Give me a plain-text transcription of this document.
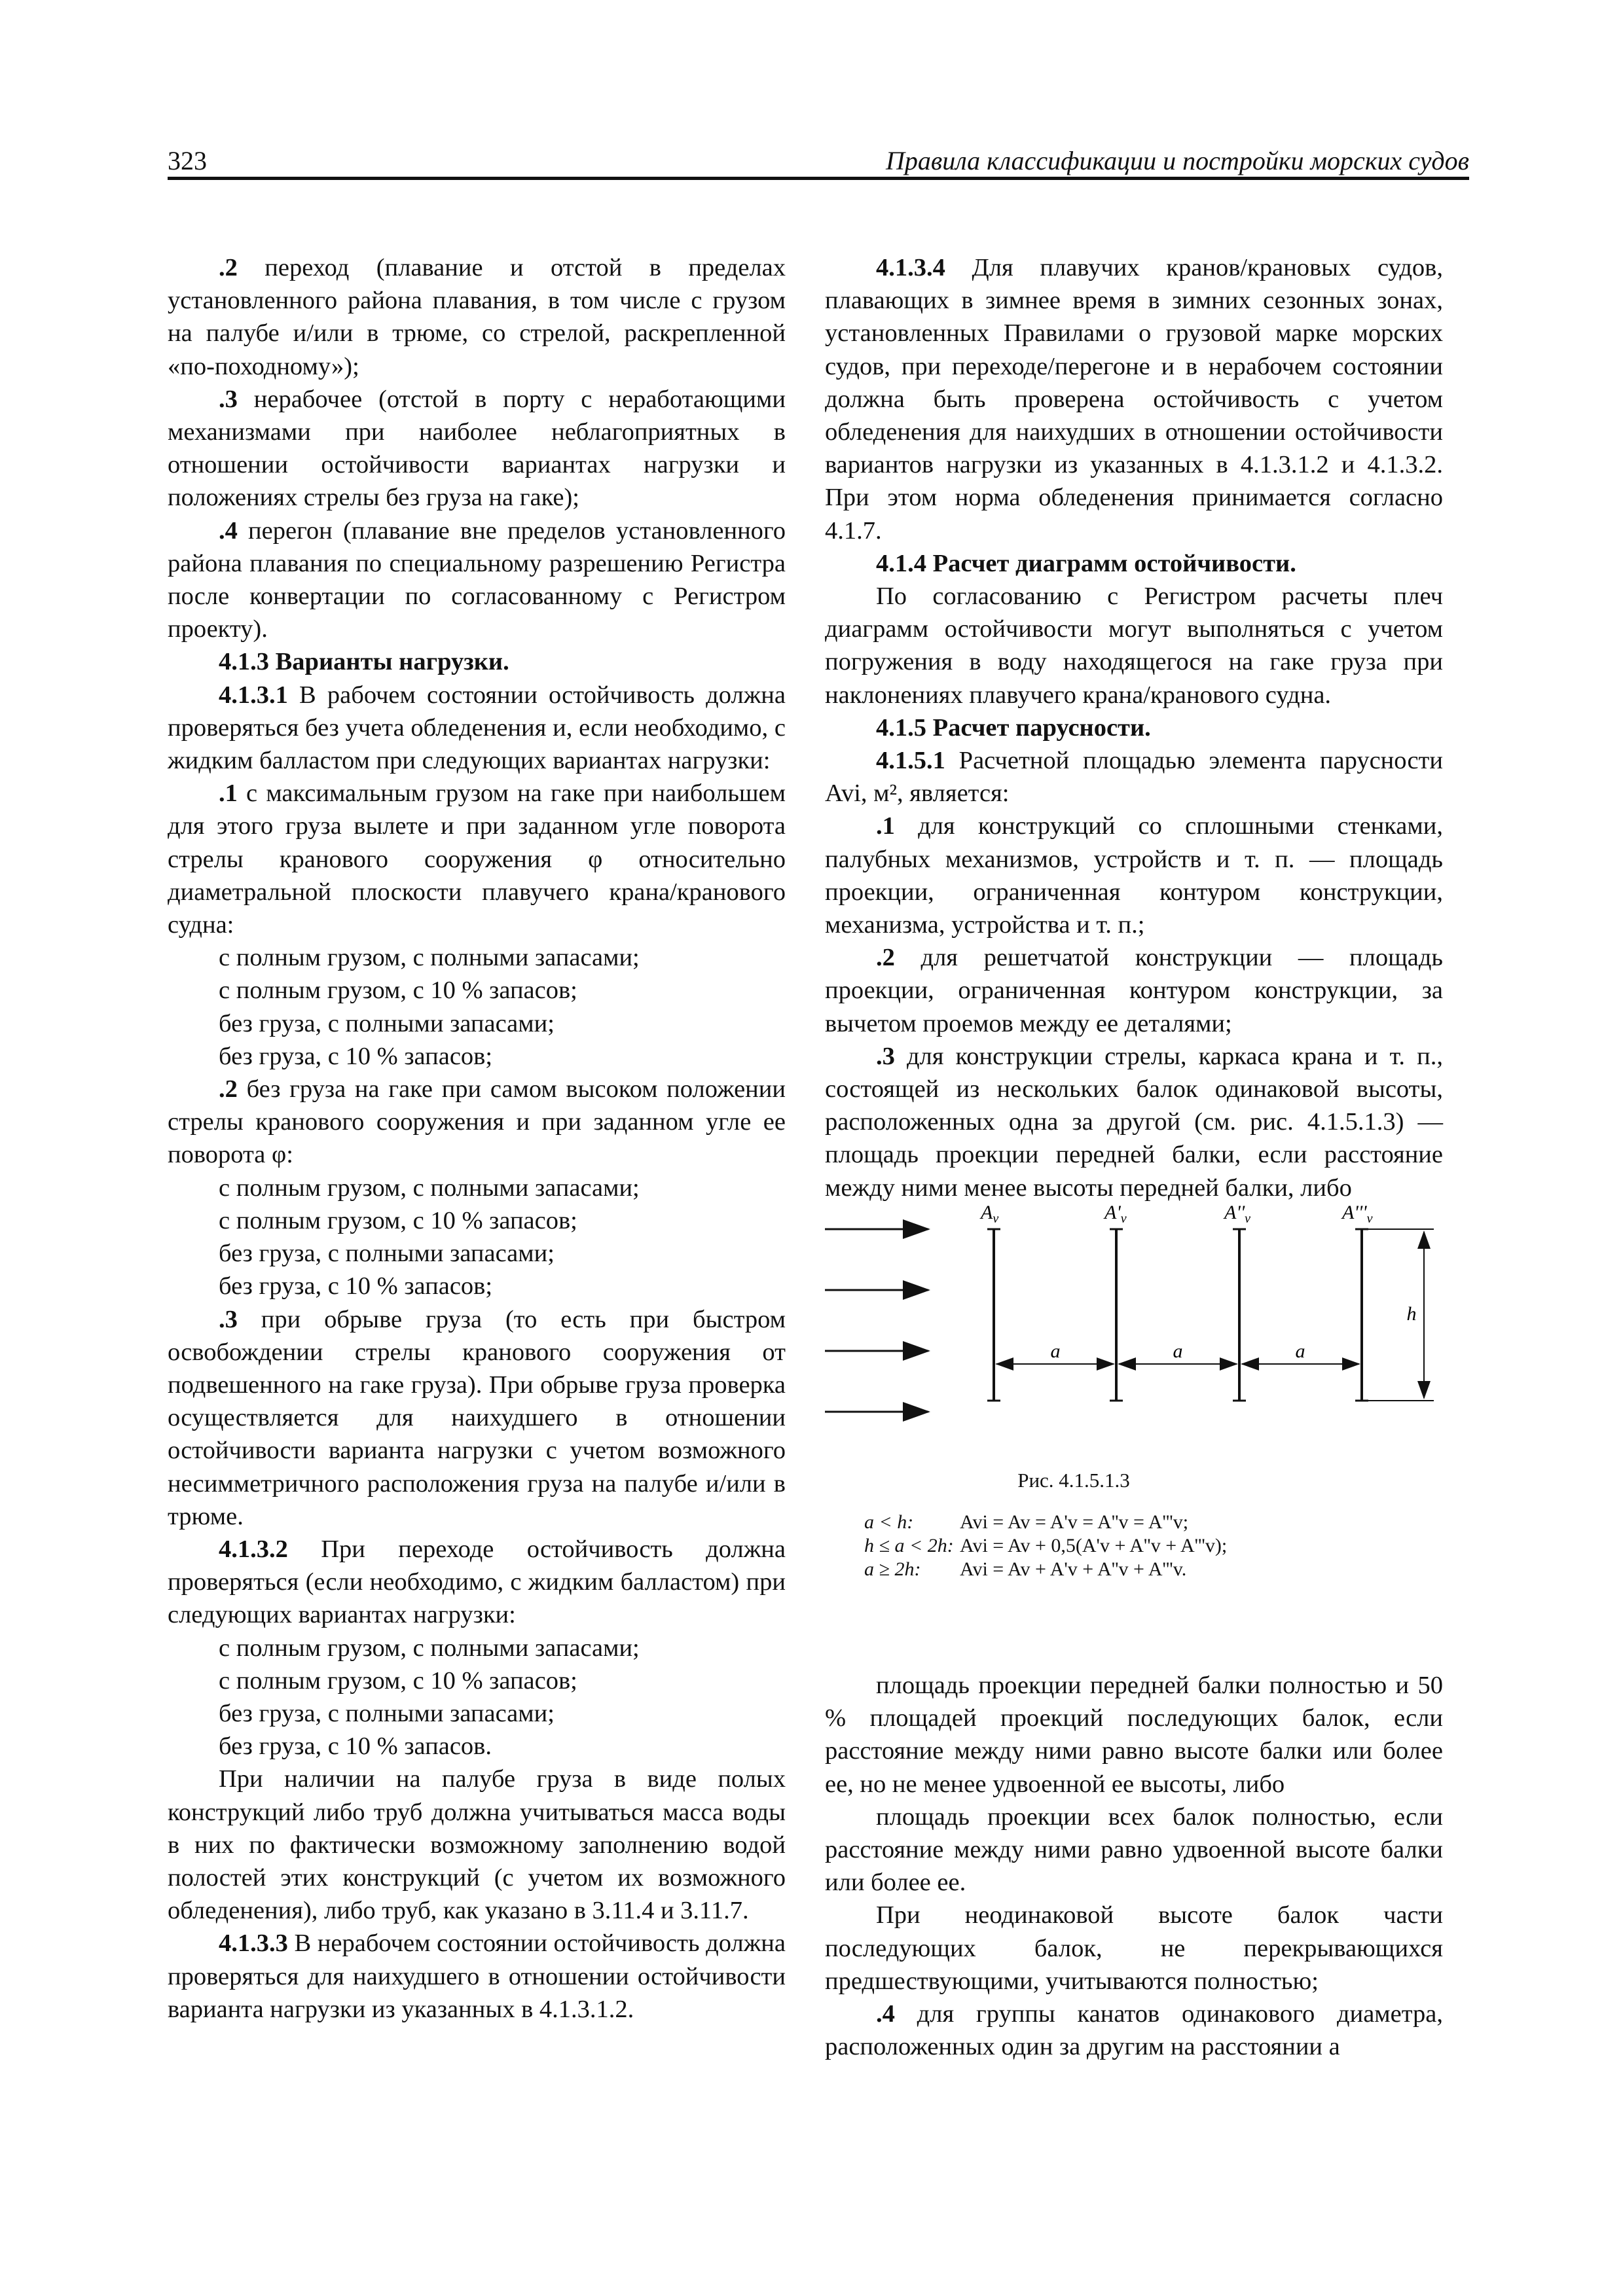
323	Правила классификации и постройки морских судов

.2 переход (плавание и отстой в пределах установленного района плавания, в том числе с грузом на палубе и/или в трюме, со стрелой, раскрепленной «по-походному»);

.3 нерабочее (отстой в порту с неработающими механизмами при наиболее неблагоприятных в отношении остойчивости вариантах нагрузки и положениях стрелы без груза на гаке);

.4 перегон (плавание вне пределов установленного района плавания по специальному разрешению Регистра после конвертации по согласованному с Регистром проекту).

4.1.3 Варианты нагрузки.

4.1.3.1 В рабочем состоянии остойчивость должна проверяться без учета обледенения и, если необходимо, с жидким балластом при следующих вариантах нагрузки:

.1 с максимальным грузом на гаке при наибольшем для этого груза вылете и при заданном угле поворота стрелы кранового сооружения φ относительно диаметральной плоскости плавучего крана/кранового судна:

с полным грузом, с полными запасами;

с полным грузом, с 10 % запасов;

без груза, с полными запасами;

без груза, с 10 % запасов;

.2 без груза на гаке при самом высоком положении стрелы кранового сооружения и при заданном угле ее поворота φ:

с полным грузом, с полными запасами;

с полным грузом, с 10 % запасов;

без груза, с полными запасами;

без груза, с 10 % запасов;

.3 при обрыве груза (то есть при быстром освобождении стрелы кранового сооружения от подвешенного на гаке груза). При обрыве груза проверка осуществляется для наихудшего в отношении остойчивости варианта нагрузки с учетом возможного несимметричного расположения груза на палубе и/или в трюме.

4.1.3.2 При переходе остойчивость должна проверяться (если необходимо, с жидким балластом) при следующих вариантах нагрузки:

с полным грузом, с полными запасами;

с полным грузом, с 10 % запасов;

без груза, с полными запасами;

без груза, с 10 % запасов.

При наличии на палубе груза в виде полых конструкций либо труб должна учитываться масса воды в них по фактически возможному заполнению водой полостей этих конструкций (с учетом их возможного обледенения), либо труб, как указано в 3.11.4 и 3.11.7.

4.1.3.3 В нерабочем состоянии остойчивость должна проверяться для наихудшего в отношении остойчивости варианта нагрузки из указанных в 4.1.3.1.2.

4.1.3.4 Для плавучих кранов/крановых судов, плавающих в зимнее время в зимних сезонных зонах, установленных Правилами о грузовой марке морских судов, при переходе/перегоне и в нерабочем состоянии должна быть проверена остойчивость с учетом обледенения для наихудших в отношении остойчивости вариантов нагрузки из указанных в 4.1.3.1.2 и 4.1.3.2. При этом норма обледенения принимается согласно 4.1.7.

4.1.4 Расчет диаграмм остойчивости.

По согласованию с Регистром расчеты плеч диаграмм остойчивости могут выполняться с учетом погружения в воду находящегося на гаке груза при наклонениях плавучего крана/кранового судна.

4.1.5 Расчет парусности.

4.1.5.1 Расчетной площадью элемента парусности Avi, м², является:

.1 для конструкций со сплошными стенками, палубных механизмов, устройств и т. п. — площадь проекции, ограниченная контуром конструкции, механизма, устройства и т. п.;

.2 для решетчатой конструкции — площадь проекции, ограниченная контуром конструкции, за вычетом проемов между ее деталями;

.3 для конструкции стрелы, каркаса крана и т. п., состоящей из нескольких балок одинаковой высоты, расположенных одна за другой (см. рис. 4.1.5.1.3) — площадь проекции передней балки, если расстояние между ними менее высоты передней балки, либо

a	a	a
h
$A_v$	$A'_v$	$A''_v$	$A'''_v$
Рис. 4.1.5.1.3
a < h:	Avi = Av = A'v = A''v = A'''v;
h ≤ a < 2h: Avi = Av + 0,5(A'v + A''v + A'''v);
a ≥ 2h:	Avi = Av + A'v + A''v + A'''v.

площадь проекции передней балки полностью и 50 % площадей проекций последующих балок, если расстояние между ними равно высоте балки или более ее, но не менее удвоенной ее высоты, либо

площадь проекции всех балок полностью, если расстояние между ними равно удвоенной высоте балки или более ее.

При неодинаковой высоте балок части последующих балок, не перекрывающихся предшествующими, учитываются полностью;

.4 для группы канатов одинакового диаметра, расположенных один за другим на расстоянии a
